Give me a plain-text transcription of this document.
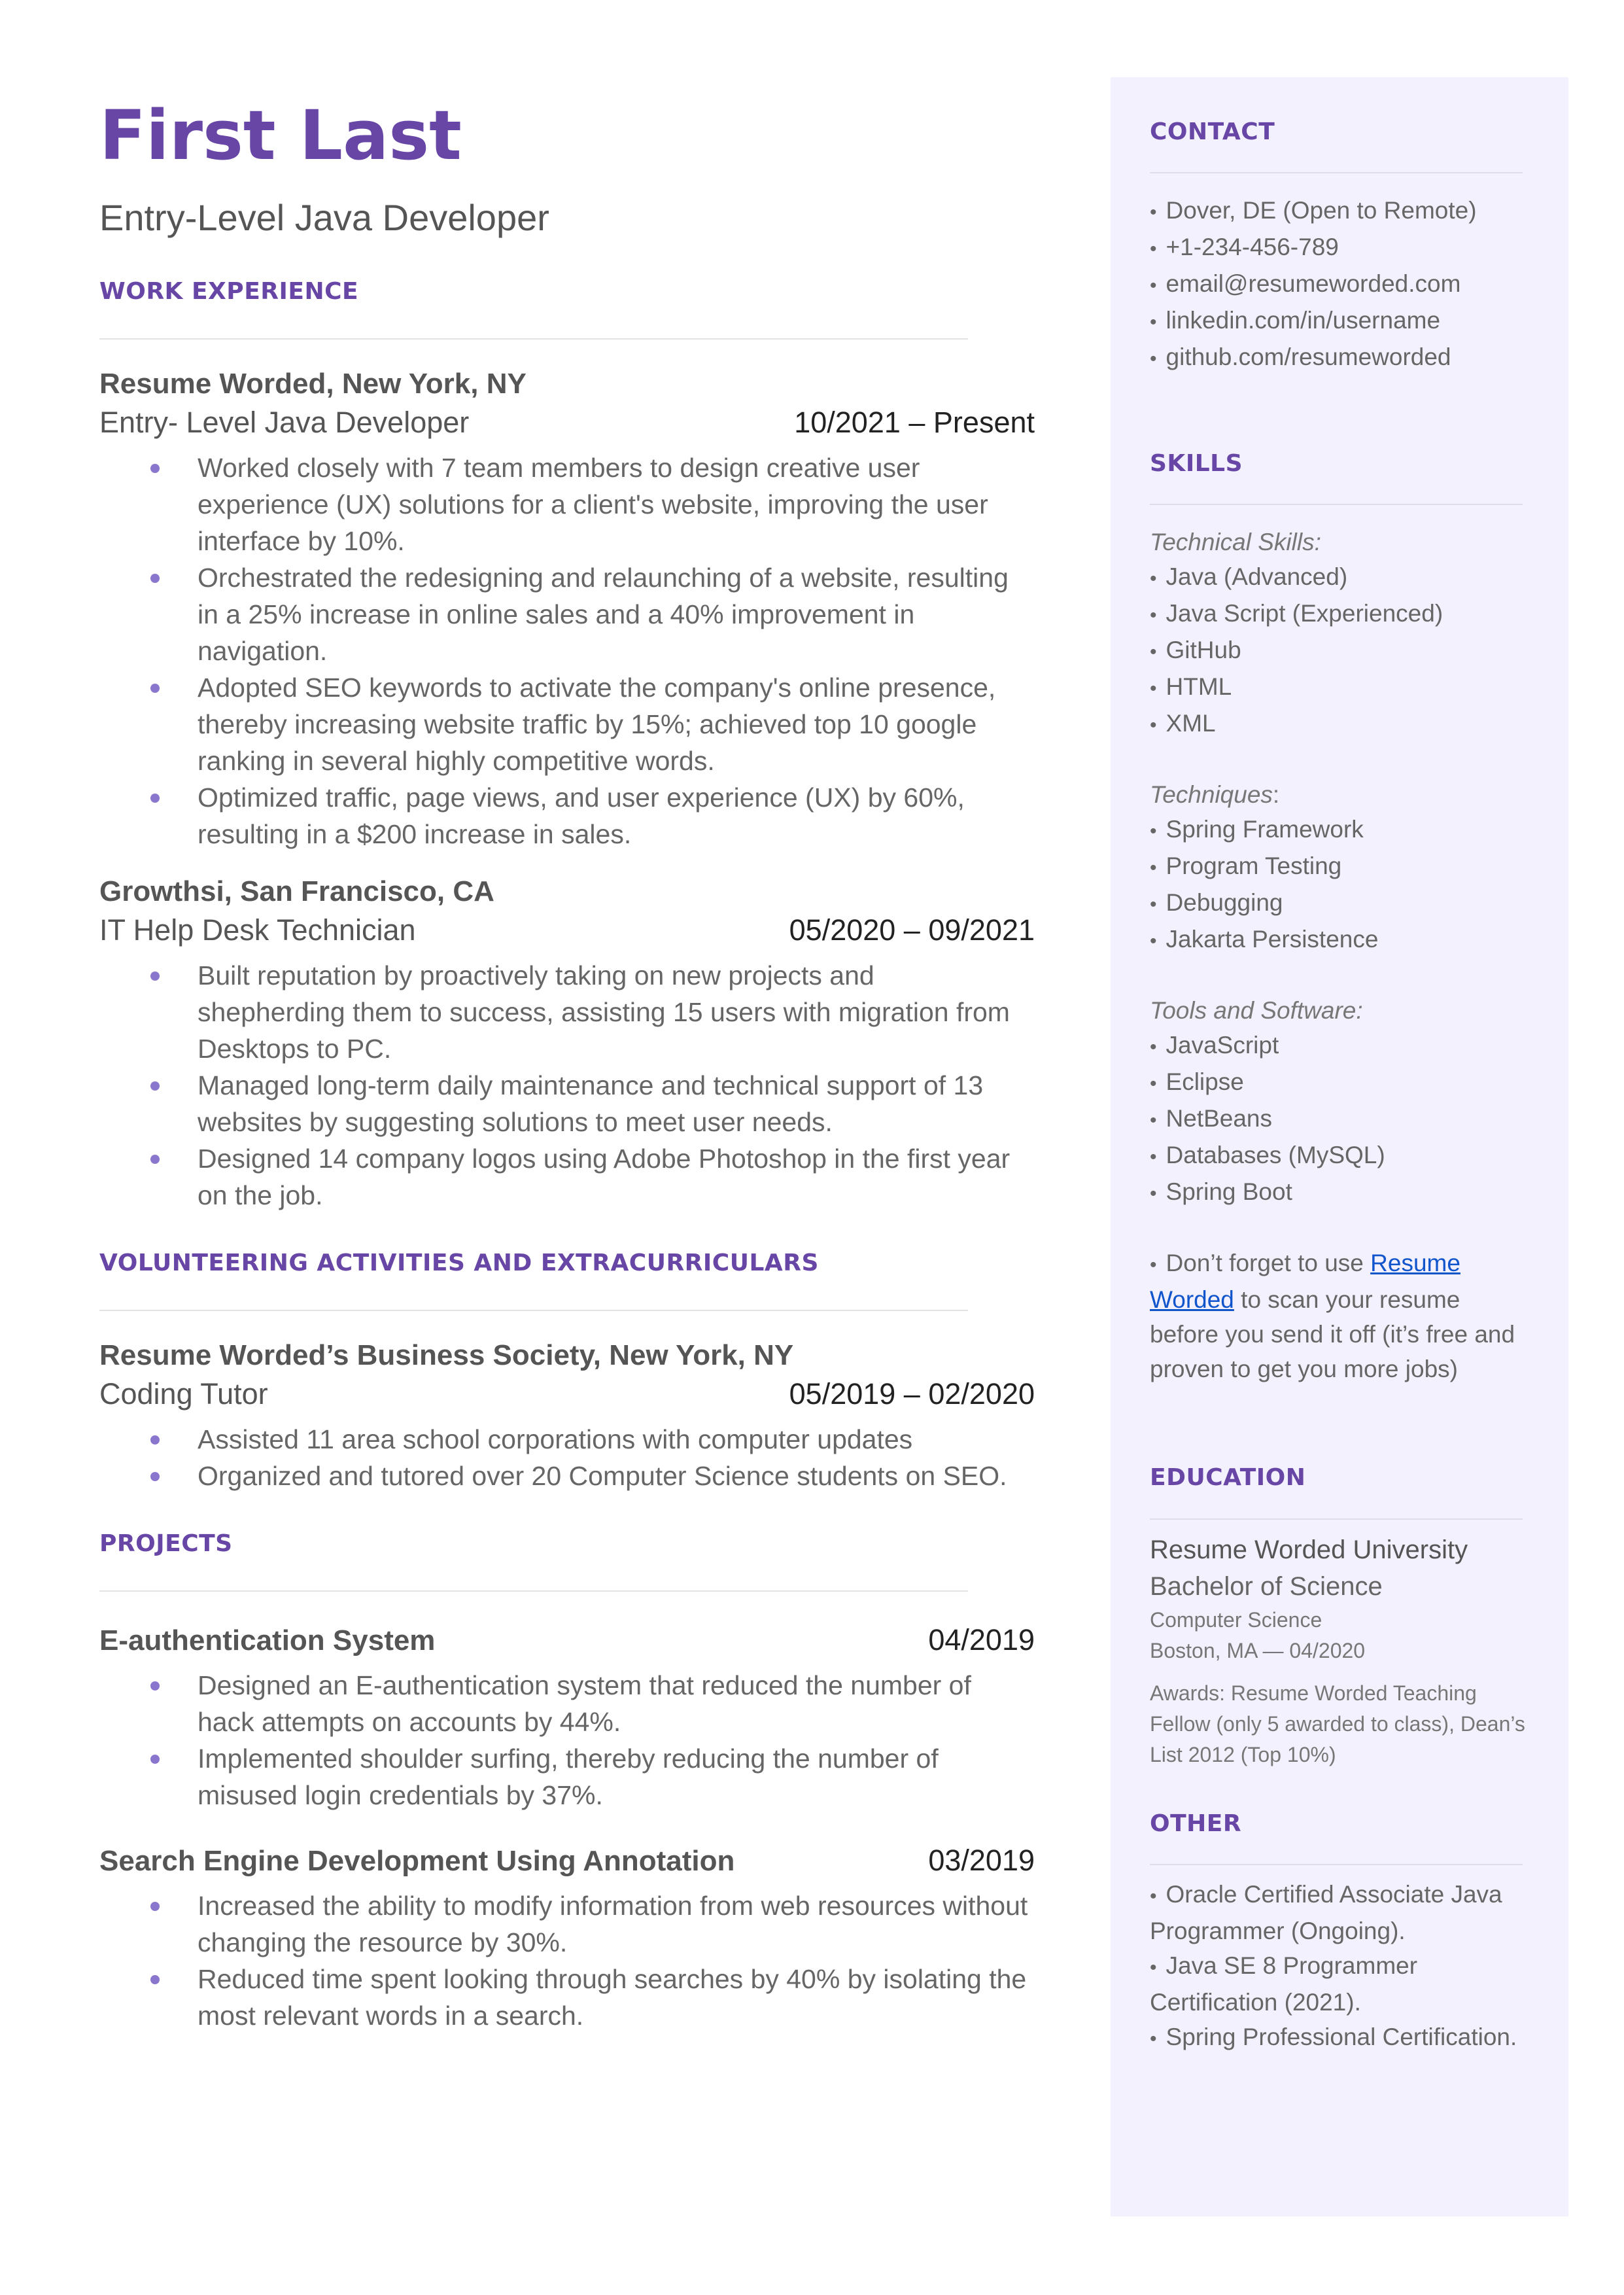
First Last
Entry-Level Java Developer
WORK EXPERIENCE
Resume Worded, New York, NY
Entry- Level Java Developer	10/2021 – Present
Worked closely with 7 team members to design creative user experience (UX) solutions for a client's website, improving the user interface by 10%.
Orchestrated the redesigning and relaunching of a website, resulting in a 25% increase in online sales and a 40% improvement in navigation.
Adopted SEO keywords to activate the company's online presence, thereby increasing website traffic by 15%; achieved top 10 google ranking in several highly competitive words.
Optimized traffic, page views, and user experience (UX) by 60%, resulting in a $200 increase in sales.
Growthsi, San Francisco, CA
IT Help Desk Technician	05/2020 – 09/2021
Built reputation by proactively taking on new projects and shepherding them to success, assisting 15 users with migration from Desktops to PC.
Managed long-term daily maintenance and technical support of 13 websites by suggesting solutions to meet user needs.
Designed 14 company logos using Adobe Photoshop in the first year on the job.
VOLUNTEERING ACTIVITIES AND EXTRACURRICULARS
Resume Worded’s Business Society, New York, NY
Coding Tutor	05/2019 – 02/2020
Assisted 11 area school corporations with computer updates
Organized and tutored over 20 Computer Science students on SEO.
PROJECTS
E-authentication System	04/2019
Designed an E-authentication system that reduced the number of hack attempts on accounts by 44%.
Implemented shoulder surfing, thereby reducing the number of misused login credentials by 37%.
Search Engine Development Using Annotation	03/2019
Increased the ability to modify information from web resources without changing the resource by 30%.
Reduced time spent looking through searches by 40% by isolating the most relevant words in a search.
CONTACT
• Dover, DE (Open to Remote)
• +1-234-456-789
• email@resumeworded.com
• linkedin.com/in/username
• github.com/resumeworded
SKILLS
Technical Skills:
• Java (Advanced)
• Java Script (Experienced)
• GitHub
• HTML
• XML
Techniques:
• Spring Framework
• Program Testing
• Debugging
• Jakarta Persistence
Tools and Software:
• JavaScript
• Eclipse
• NetBeans
• Databases (MySQL)
• Spring Boot
• Don’t forget to use Resume Worded to scan your resume before you send it off (it’s free and proven to get you more jobs)
EDUCATION
Resume Worded University
Bachelor of Science
Computer Science
Boston, MA — 04/2020
Awards: Resume Worded Teaching Fellow (only 5 awarded to class), Dean’s List 2012 (Top 10%)
OTHER
• Oracle Certified Associate Java Programmer (Ongoing).
• Java SE 8 Programmer Certification (2021).
• Spring Professional Certification.
